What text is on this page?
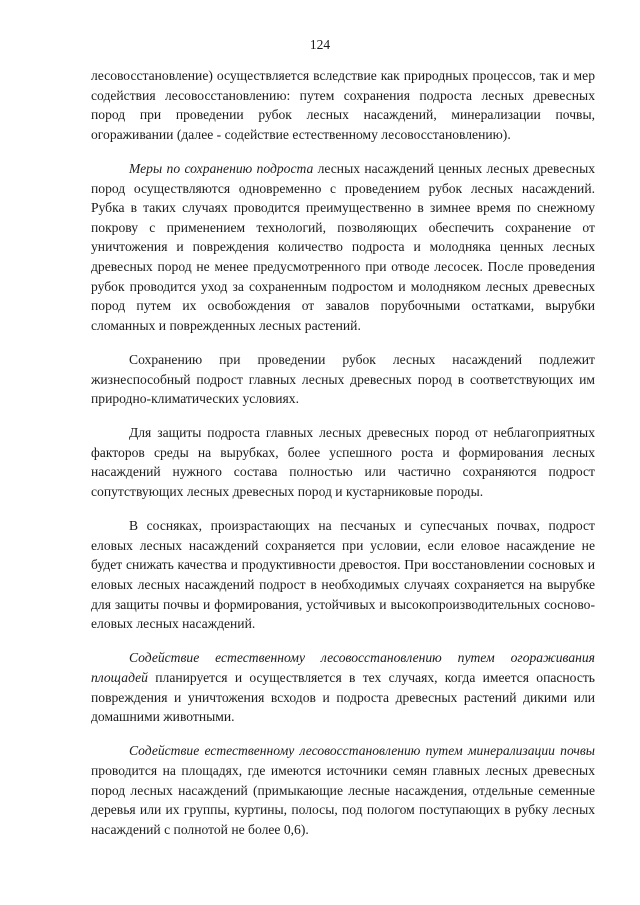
124

лесовосстановление) осуществляется вследствие как природных процессов, так и мер содействия лесовосстановлению: путем сохранения подроста лесных древесных пород при проведении рубок лесных насаждений, минерализации почвы, огораживании (далее - содействие естественному лесовосстановлению).

Меры по сохранению подроста лесных насаждений ценных лесных древесных пород осуществляются одновременно с проведением рубок лесных насаждений. Рубка в таких случаях проводится преимущественно в зимнее время по снежному покрову с применением технологий, позволяющих обеспечить сохранение от уничтожения и повреждения количество подроста и молодняка ценных лесных древесных пород не менее предусмотренного при отводе лесосек. После проведения рубок проводится уход за сохраненным подростом и молодняком лесных древесных пород путем их освобождения от завалов порубочными остатками, вырубки сломанных и поврежденных лесных растений.

Сохранению при проведении рубок лесных насаждений подлежит жизнеспособный подрост главных лесных древесных пород в соответствующих им природно-климатических условиях.

Для защиты подроста главных лесных древесных пород от неблагоприятных факторов среды на вырубках, более успешного роста и формирования лесных насаждений нужного состава полностью или частично сохраняются подрост сопутствующих лесных древесных пород и кустарниковые породы.

В сосняках, произрастающих на песчаных и супесчаных почвах, подрост еловых лесных насаждений сохраняется при условии, если еловое насаждение не будет снижать качества и продуктивности древостоя. При восстановлении сосновых и еловых лесных насаждений подрост в необходимых случаях сохраняется на вырубке для защиты почвы и формирования, устойчивых и высокопроизводительных сосново-еловых лесных насаждений.

Содействие естественному лесовосстановлению путем огораживания площадей планируется и осуществляется в тех случаях, когда имеется опасность повреждения и уничтожения всходов и подроста древесных растений дикими или домашними животными.

Содействие естественному лесовосстановлению путем минерализации почвы проводится на площадях, где имеются источники семян главных лесных древесных пород лесных насаждений (примыкающие лесные насаждения, отдельные семенные деревья или их группы, куртины, полосы, под пологом поступающих в рубку лесных насаждений с полнотой не более 0,6).
